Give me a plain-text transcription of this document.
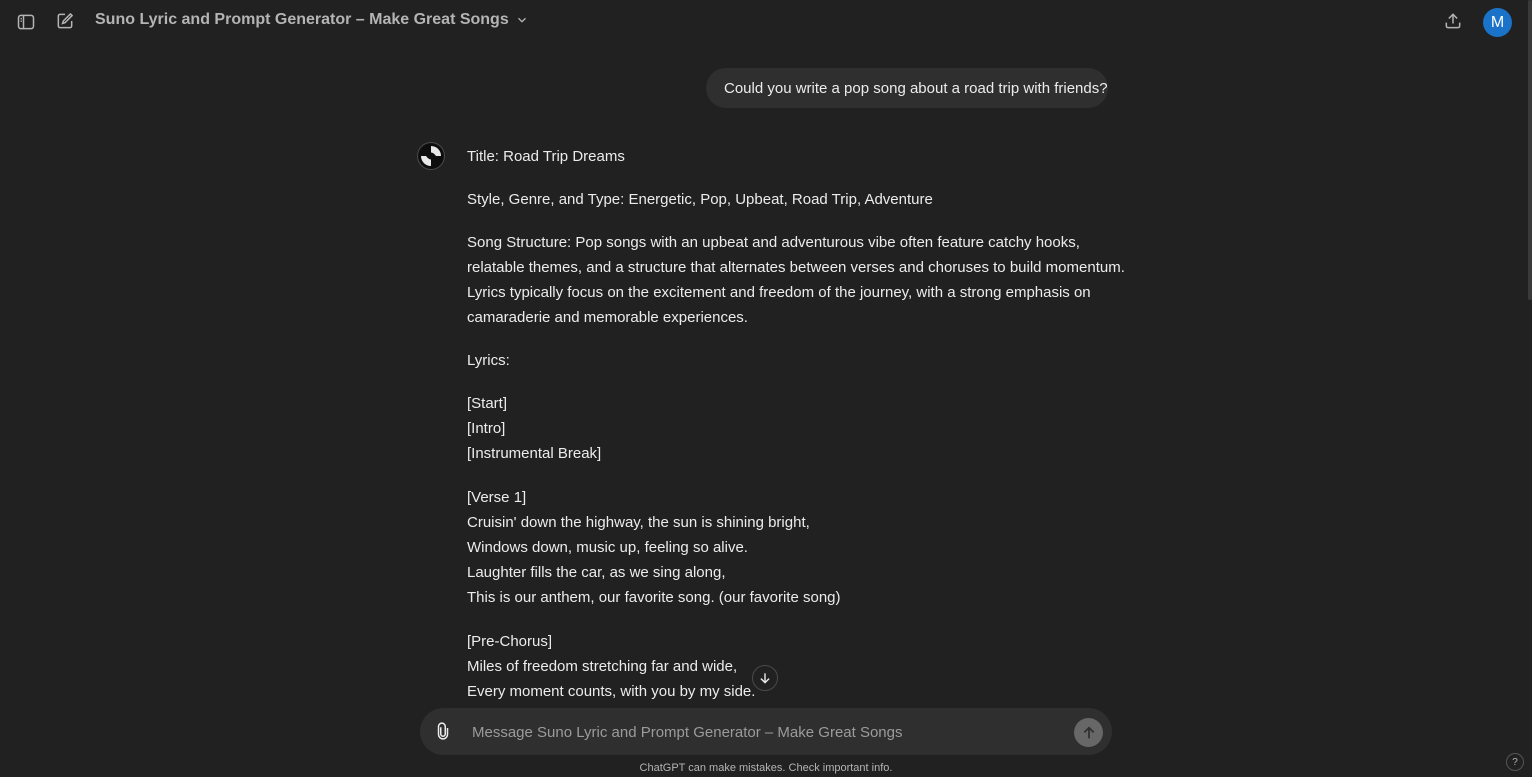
Suno Lyric and Prompt Generator – Make Great Songs	M
Could you write a pop song about a road trip with friends?

Title: Road Trip Dreams

Style, Genre, and Type: Energetic, Pop, Upbeat, Road Trip, Adventure

Song Structure: Pop songs with an upbeat and adventurous vibe often feature catchy hooks,
relatable themes, and a structure that alternates between verses and choruses to build momentum.
Lyrics typically focus on the excitement and freedom of the journey, with a strong emphasis on
camaraderie and memorable experiences.

Lyrics:

[Start]
[Intro]
[Instrumental Break]
[Verse 1]
Cruisin' down the highway, the sun is shining bright,
Windows down, music up, feeling so alive.
Laughter fills the car, as we sing along,
This is our anthem, our favorite song. (our favorite song)
[Pre-Chorus]
Miles of freedom stretching far and wide,
Every moment counts, with you by my side.
Message Suno Lyric and Prompt Generator – Make Great Songs
ChatGPT can make mistakes. Check important info.	?
